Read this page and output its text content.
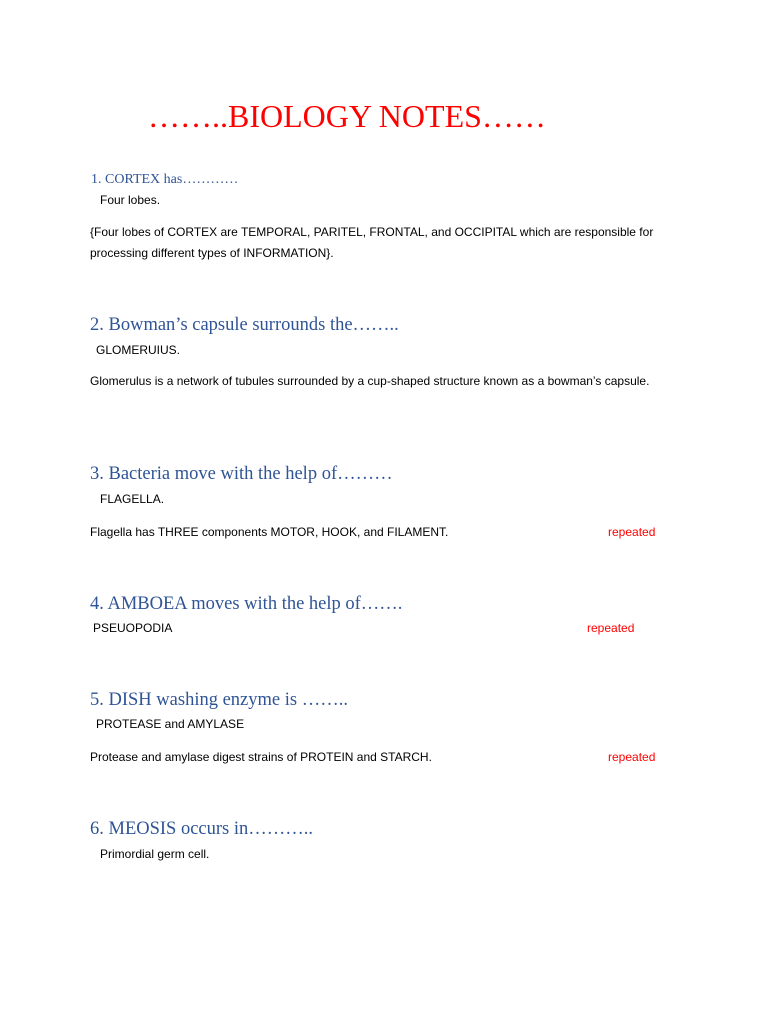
……..BIOLOGY NOTES……
1. CORTEX has…………
Four lobes.
{Four lobes of CORTEX are TEMPORAL, PARITEL, FRONTAL, and OCCIPITAL which are responsible for processing different types of INFORMATION}.
2. Bowman’s capsule surrounds the……..
GLOMERUIUS.
Glomerulus is a network of tubules surrounded by a cup-shaped structure known as a bowman’s capsule.
3. Bacteria move with the help of………
FLAGELLA.
Flagella has THREE components MOTOR, HOOK, and FILAMENT.	repeated
4. AMBOEA moves with the help of…….
PSEUOPODIA	repeated
5. DISH washing enzyme is ……..
PROTEASE and AMYLASE
Protease and amylase digest strains of PROTEIN and STARCH.	repeated
6. MEOSIS occurs in………..
Primordial germ cell.
